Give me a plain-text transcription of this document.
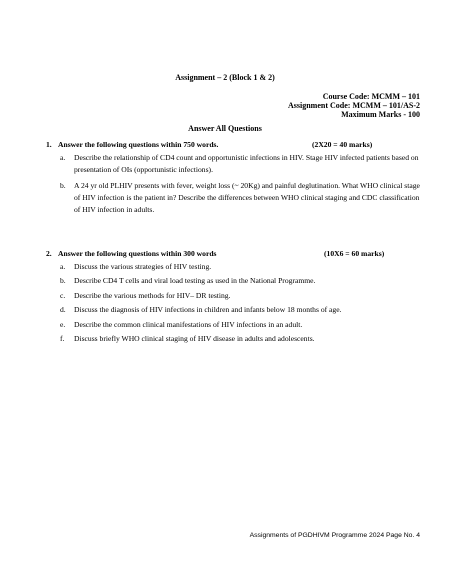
Assignment – 2 (Block 1 & 2)
Course Code: MCMM – 101
Assignment Code: MCMM – 101/AS-2
Maximum Marks - 100
Answer All Questions
1. Answer the following questions within 750 words.	(2X20 = 40 marks)
a. Describe the relationship of CD4 count and opportunistic infections in HIV. Stage HIV infected patients based on presentation of OIs (opportunistic infections).
b. A 24 yr old PLHIV presents with fever, weight loss (~ 20Kg) and painful deglutination. What WHO clinical stage of HIV infection is the patient in? Describe the differences between WHO clinical staging and CDC classification of HIV infection in adults.
2. Answer the following questions within 300 words	(10X6 = 60 marks)
a. Discuss the various strategies of HIV testing.
b. Describe CD4 T cells and viral load testing as used in the National Programme.
c. Describe the various methods for HIV– DR testing.
d. Discuss the diagnosis of HIV infections in children and infants below 18 months of age.
e. Describe the common clinical manifestations of HIV infections in an adult.
f. Discuss briefly WHO clinical staging of HIV disease in adults and adolescents.
Assignments of PGDHIVM Programme 2024 Page No. 4
